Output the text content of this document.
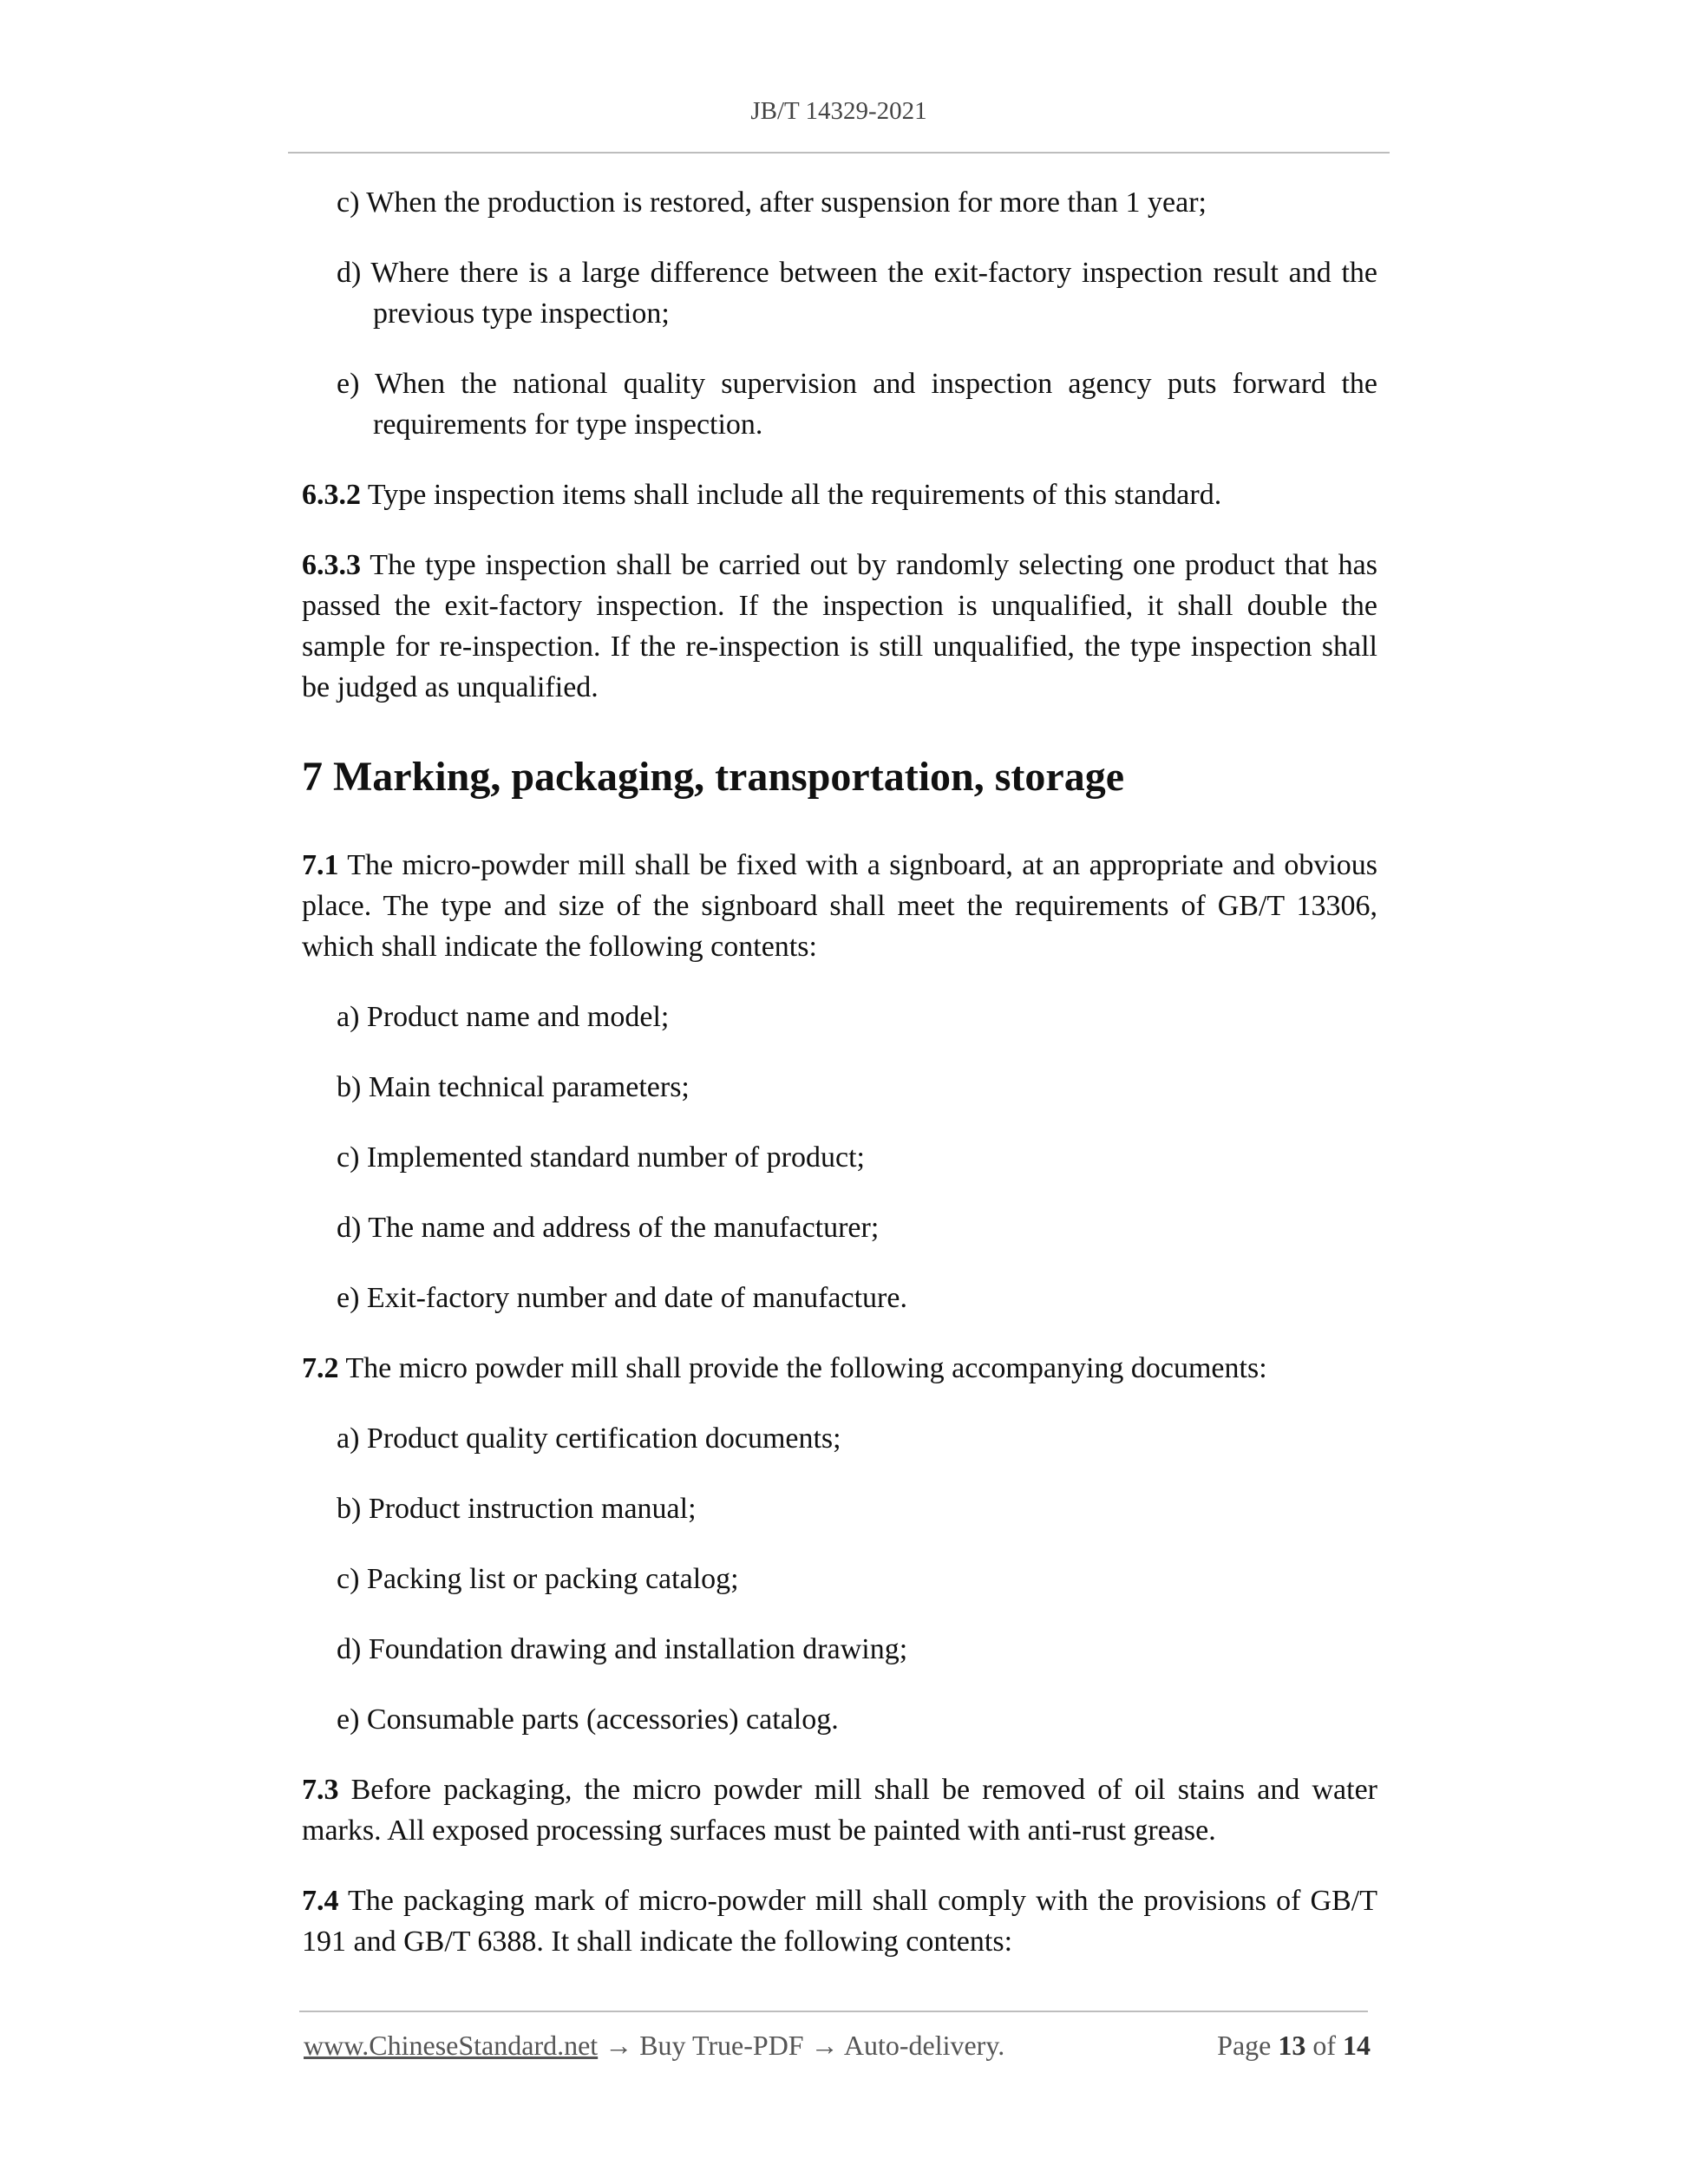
JB/T 14329-2021
c) When the production is restored, after suspension for more than 1 year;
d) Where there is a large difference between the exit-factory inspection result and the previous type inspection;
e) When the national quality supervision and inspection agency puts forward the requirements for type inspection.

6.3.2 Type inspection items shall include all the requirements of this standard.

6.3.3 The type inspection shall be carried out by randomly selecting one product that has passed the exit-factory inspection. If the inspection is unqualified, it shall double the sample for re-inspection. If the re-inspection is still unqualified, the type inspection shall be judged as unqualified.

7 Marking, packaging, transportation, storage

7.1 The micro-powder mill shall be fixed with a signboard, at an appropriate and obvious place. The type and size of the signboard shall meet the requirements of GB/T 13306, which shall indicate the following contents:

a) Product name and model;
b) Main technical parameters;
c) Implemented standard number of product;
d) The name and address of the manufacturer;
e) Exit-factory number and date of manufacture.

7.2 The micro powder mill shall provide the following accompanying documents:

a) Product quality certification documents;
b) Product instruction manual;
c) Packing list or packing catalog;
d) Foundation drawing and installation drawing;
e) Consumable parts (accessories) catalog.

7.3 Before packaging, the micro powder mill shall be removed of oil stains and water marks. All exposed processing surfaces must be painted with anti-rust grease.

7.4 The packaging mark of micro-powder mill shall comply with the provisions of GB/T 191 and GB/T 6388. It shall indicate the following contents:

www.ChineseStandard.net → Buy True-PDF → Auto-delivery.	Page 13 of 14
